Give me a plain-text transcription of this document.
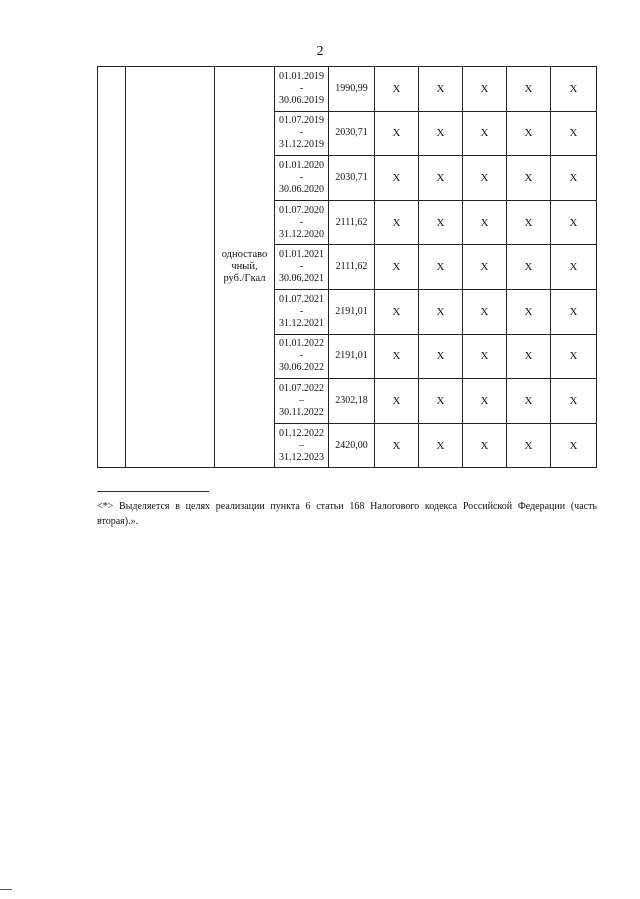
2
		одноставо
чный,
руб./Гкал	01.01.2019
-
30.06.2019	1990,99	X	X	X	X	X

			01.07.2019
-
31.12.2019	2030,71	X	X	X	X	X

			01.01.2020
-
30.06.2020	2030,71	X	X	X	X	X

			01.07.2020
-
31.12.2020	2111,62	X	X	X	X	X

			01.01.2021
-
30.06.2021	2111,62	X	X	X	X	X

			01.07.2021
-
31.12.2021	2191,01	X	X	X	X	X

			01.01.2022
-
30.06.2022	2191,01	X	X	X	X	X

			01.07.2022
–
30.11.2022	2302,18	X	X	X	X	X

			01.12.2022
–
31.12.2023	2420,00	X	X	X	X	X
<*> Выделяется в целях реализации пункта 6 статьи 168 Налогового кодекса Российской Федерации (часть вторая).».
